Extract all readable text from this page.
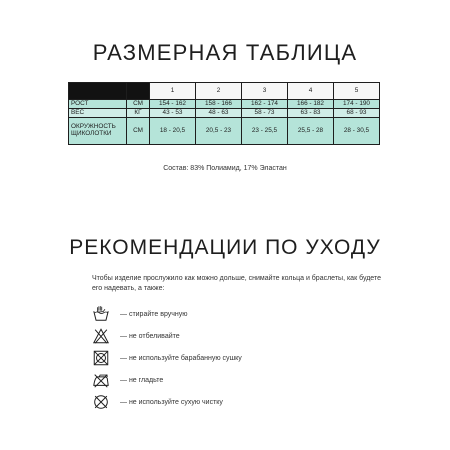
РАЗМЕРНАЯ ТАБЛИЦА
		1	2	3	4	5
РОСТ	СМ	154 - 162	158 - 166	162 - 174	166 - 182	174 - 190
ВЕС	КГ	43 - 53	48 - 63	58 - 73	63 - 83	68 - 93
ОКРУЖНОСТЬ ЩИКОЛОТКИ	СМ	18 - 20,5	20,5 - 23	23 - 25,5	25,5 - 28	28 - 30,5
Состав: 83% Полиамид, 17% Эластан
РЕКОМЕНДАЦИИ ПО УХОДУ
Чтобы изделие прослужило как можно дольше, снимайте кольца и браслеты, как будете его надевать, а также:
— стирайте вручную
— не отбеливайте
— не используйте барабанную сушку
— не гладьте
— не используйте сухую чистку
